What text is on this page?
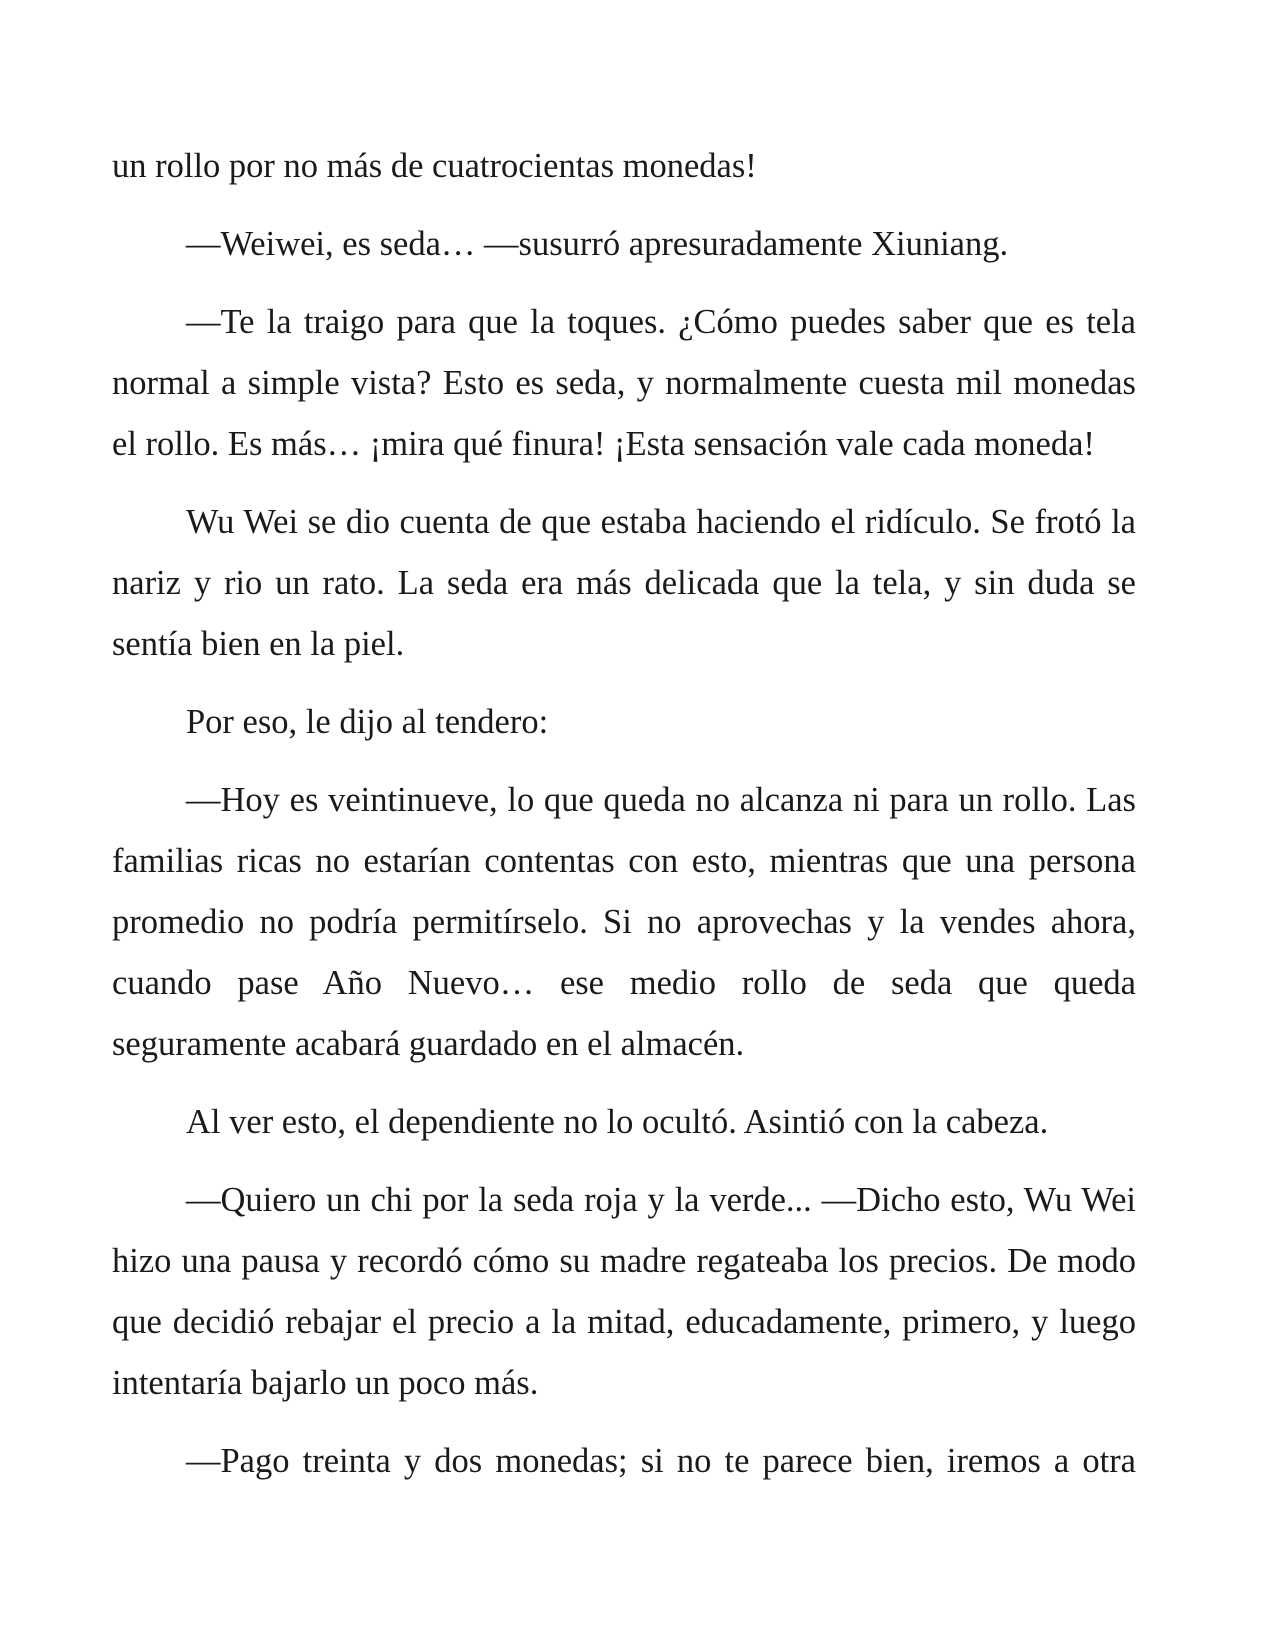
un rollo por no más de cuatrocientas monedas!

—Weiwei, es seda… —susurró apresuradamente Xiuniang.

—Te la traigo para que la toques. ¿Cómo puedes saber que es tela normal a simple vista? Esto es seda, y normalmente cuesta mil monedas el rollo. Es más… ¡mira qué finura! ¡Esta sensación vale cada moneda!

Wu Wei se dio cuenta de que estaba haciendo el ridículo. Se frotó la nariz y rio un rato. La seda era más delicada que la tela, y sin duda se sentía bien en la piel.

Por eso, le dijo al tendero:

—Hoy es veintinueve, lo que queda no alcanza ni para un rollo. Las familias ricas no estarían contentas con esto, mientras que una persona promedio no podría permitírselo. Si no aprovechas y la vendes ahora, cuando pase Año Nuevo… ese medio rollo de seda que queda seguramente acabará guardado en el almacén.

Al ver esto, el dependiente no lo ocultó. Asintió con la cabeza.

—Quiero un chi por la seda roja y la verde... —Dicho esto, Wu Wei hizo una pausa y recordó cómo su madre regateaba los precios. De modo que decidió rebajar el precio a la mitad, educadamente, primero, y luego intentaría bajarlo un poco más.

—Pago treinta y dos monedas; si no te parece bien, iremos a otra
